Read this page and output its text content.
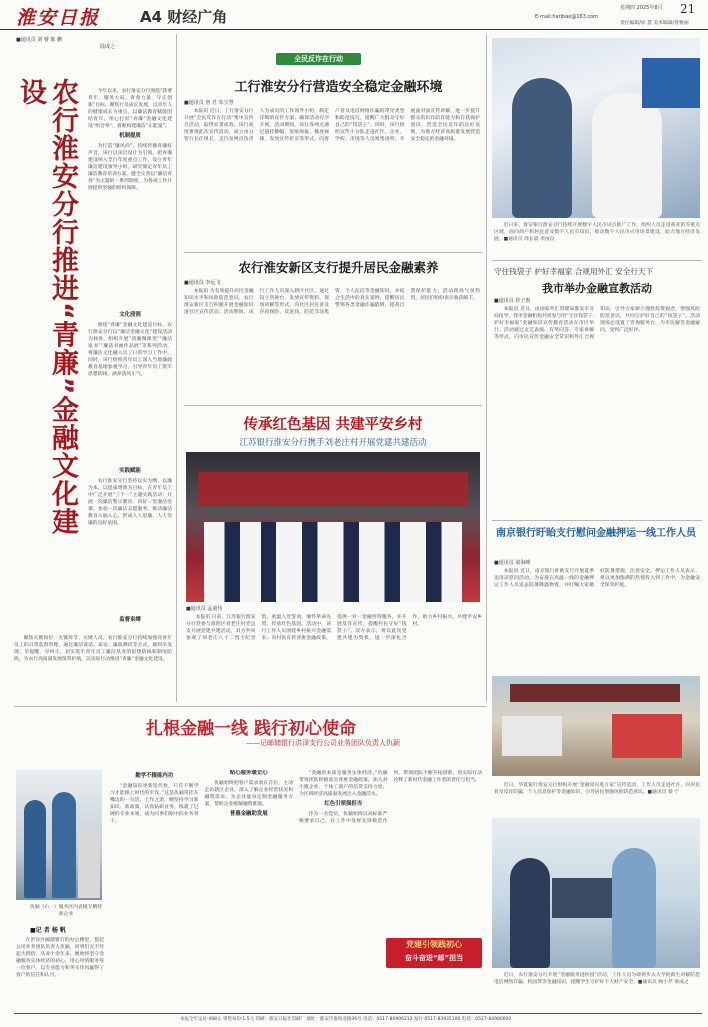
淮安日报	A4 财经广角	E-mail:haribao@163.com
星期四 2025年8月 21
责任编辑/徐 慧 美术编辑/曾雅丽
■通讯员 刘 睿 陈 鹏
陆成之
农行淮安分行推进“青廉”金融文化建设	今年以来，农行淮安分行围绕“我要青年、服务大局、青春力量、守正创新”目标，聚焦行员成长发展，以青年人的健康成长为重点，以廉洁教育赋能团结青年，用心打好“青廉”金融文化建设“组合拳”，着眼构建廉洁“正能量”。

机制提质

为打造“廉风尚”，持续传播青廉好声音，该行以顶层设计为引领，把青廉建设纳入全行年度重点工作，设立青年廉洁建设领导小组，研究制定青年员工廉洁教育培训方案，健全完善以“廉洁青春”为主题的一系列制度，为各项工作开展提供坚强的组织保障。

文化浸润

围绕“青廉”金融文化建设目标，农行淮安分行以“廉洁金融文化”建设活动为载体，组织开展“清廉微课堂”“廉洁家书”“廉洁书画作品展”等系列活动，将廉洁文化融入员工日常学习工作中。同时，该行组织青年员工深入当地廉政教育基地参观学习，引导青年员工筑牢思想防线，涵养清风正气。

实践赋能

农行淮安分行坚持以实为纲，以廉为本，以提质增效为目标，在青年员工中广泛开展“三个一”主题实践活动：开展一次廉洁警示教育、讲好一堂廉洁党课、参加一次廉洁志愿服务，推动廉洁教育入脑入心，形成人人思廉、人人崇廉的良好氛围。

监督束缚

聚焦关键岗位、关键环节、关键人员，农行淮安分行持续加强对青年员工的日常监督管理，通过廉洁谈话、家访、廉政测试等方式，做到早发现、早提醒、早纠正，切实筑牢青年员工廉洁从业的思想防线和制度防线，为农行高质量发展保驾护航，以实际行动推进“青廉”金融文化建设。

全民反诈在行动
工行淮安分行营造安全稳定金融环境
■通讯员 詹 君 朱宝慧
本报讯 近日，工行淮安分行开展“全民反诈在行动”集中宣传月活动，取得显著成效。该行高度重视此次宣传活动，成立由分管行长任组长、支行及网点负责人为成员的工作领导小组，制定详细的宣传方案，确保活动有序开展。活动期间，该行各网点通过悬挂横幅、张贴海报、播放视频、发放宣传折页等形式，向客户普及电信网络诈骗的常见类型和防范技巧，提醒广大群众守好自己的“钱袋子”。同时，该行组织宣传小分队走进社区、企业、学校、市场等人员密集场所，开展面对面宣传讲解，进一步提升群众的识诈防诈能力和自我保护意识，营造全民反诈的良好氛围，为地方经济高质量发展营造安全稳定的金融环境。
农行淮安新区支行提升居民金融素养
■通讯员 李远飞
本报讯 为有效提升居民金融知识水平和风险防范意识，农行淮安新区支行积极开展金融知识进社区宣传活动。活动期间，该行工作人员深入辖区社区，通过设立咨询台、发放宣传资料、现场讲解等形式，向社区居民普及存款保险、反洗钱、防范非法集资、个人征信等金融知识，并结合生活中的真实案例，提醒居民警惕各类金融诈骗陷阱，提高自我保护能力。活动现场气氛热烈，居民们纷纷表示收获颇丰。
近日来，淮安银行淮安分行持续开展数字人民币试点推广工作，组织人员走进商业街等重点区域，面向商户和居民普及数字人民币知识，推动数字人民币应用场景建设，助力地方经济发展。■通讯员 周长震 李由良
守住钱袋子 护好幸福家 合规用外汇 安全行天下
我市举办金融宣教活动
■通讯员 侍子惠
本报讯 近日，由国家外汇管理局淮安市分局指导、我市金融机构共同参与的“守住钱袋子·护好幸福家”金融知识宣传教育活动在市区举行。活动通过文艺表演、有奖问答、专家讲解等形式，向市民宣传金融安全常识和外汇合规知识，引导大家树立理性投资观念，增强风险防范意识，共同守护好自己的“钱袋子”。活动现场还设置了咨询服务台，为市民解答金融疑问，受到广泛好评。
南京银行盱眙支行慰问金融押运一线工作人员
■通讯员 梁海峰
本报讯 近日，南京银行盱眙支行开展夏季送清凉慰问活动，为奋战在高温一线的金融押运工作人员送去防暑降温物资，并叮嘱大家做好防暑措施，注意安全。押运工作人员表示，将以更加饱满的热情投入到工作中，为金融安全保驾护航。
传承红色基因 共建平安乡村
江苏银行淮安分行携手刘老庄村开展党建共建活动
■通讯员 孟童伟
本报讯 日前，江苏银行淮安分行党委与淮阴区刘老庄村党总支开展党建共建活动，双方共同参观了刘老庄八十二烈士纪念馆，重温入党誓词，缅怀革命先烈，传承红色基因。活动中，该行工作人员围绕乡村振兴金融需求，向村民宣传普惠金融政策，提供一对一金融咨询服务，并开展反诈宣传，提醒村民守好“钱袋子”。双方表示，将以此次党建共建为契机，进一步深化合作，助力乡村振兴，共建平安乡村。
扎根金融一线 践行初心使命
——记邮储银行洪泽支行公司业务团队负责人仇颖
仇颖（右一）服务区内省级专精特新企业
■记 者 杨 帆
在洪泽区邮储银行的办公楼里，提起公司业务团队负责人仇颖，同事们无不竖起大拇指。从业十余年来，她始终坚守金融服务实体经济的初心，用心用情服务每一位客户，以专业能力和务实作风赢得了客户的信任和认可。
勤学不辍练内功

“金融知识更新迭代快，只有不断学习才能跟上时代的步伐。”这是仇颖常挂在嘴边的一句话。工作之余，她坚持学习新知识、新政策，认真钻研业务，练就了过硬的专业本领，成为同事们眼中的业务骨干。

贴心服务暖企心

仇颖始终把客户需求放在首位，主动走访辖区企业，深入了解企业经营状况和融资需求，为企业量身定制金融服务方案，帮助企业破解融资难题。

普惠金融助发展

“金融的本质是服务实体经济。”仇颖带领团队积极落实普惠金融政策，加大对小微企业、个体工商户的信贷支持力度，为区域经济高质量发展注入金融活水。

红色引领强担当

作为一名党员，仇颖始终以高标准严格要求自己，在工作中发挥先锋模范作用，带领团队不断开拓创新，用实际行动诠释了新时代金融工作者的责任与担当。

党建引领践初心
奋斗奋进“邮”担当
近日，华夏银行淮安分行组织开展“金融知识进万家”宣传活动，工作人员走进社区，向居民普及反诈防骗、个人信息保护等金融知识，引导居民增强风险防范意识。■通讯员 蔡 宁
近日，农行淮安分行开展“金融服务进校园”活动，工作人员为即将步入大学的新生讲解防范电信网络诈骗、校园贷等金融知识，提醒学生守护好个人财产安全。■通讯员 顾小芹 梁成之
本报全年定价·498元 零售每份·1.5元 印刷：淮安日报社印刷厂 地址：淮安市淮海北路36号 电话：0517-80906212 发行·0517-83935100 电话：0517-84980000
